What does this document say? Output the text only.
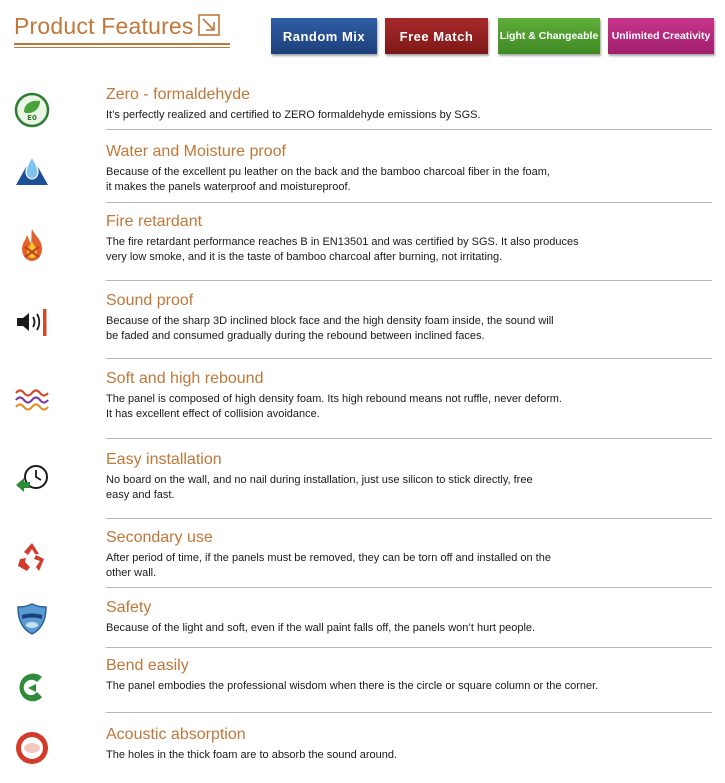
Product Features	Random Mix	Free Match	Light & Changeable	Unlimited Creativity
E0
Zero - formaldehyde
It’s perfectly realized and certified to ZERO formaldehyde emissions by SGS.
Water and Moisture proof
Because of the excellent pu leather on the back and the bamboo charcoal fiber in the foam,
it makes the panels waterproof and moistureproof.
Fire retardant
The fire retardant performance reaches B in EN13501 and was certified by SGS. It also produces
very low smoke, and it is the taste of bamboo charcoal after burning, not irritating.
Sound proof
Because of the sharp 3D inclined block face and the high density foam inside, the sound will
be faded and consumed gradually during the rebound between inclined faces.
Soft and high rebound
The panel is composed of high density foam. Its high rebound means not ruffle, never deform.
It has excellent effect of collision avoidance.
Easy installation
No board on the wall, and no nail during installation, just use silicon to stick directly, free
easy and fast.
Secondary use
After period of time, if the panels must be removed, they can be torn off and installed on the
other wall.
Safety
Because of the light and soft, even if the wall paint falls off, the panels won’t hurt people.
Bend easily
The panel embodies the professional wisdom when there is the circle or square column or the corner.
Acoustic absorption
The holes in the thick foam are to absorb the sound around.
